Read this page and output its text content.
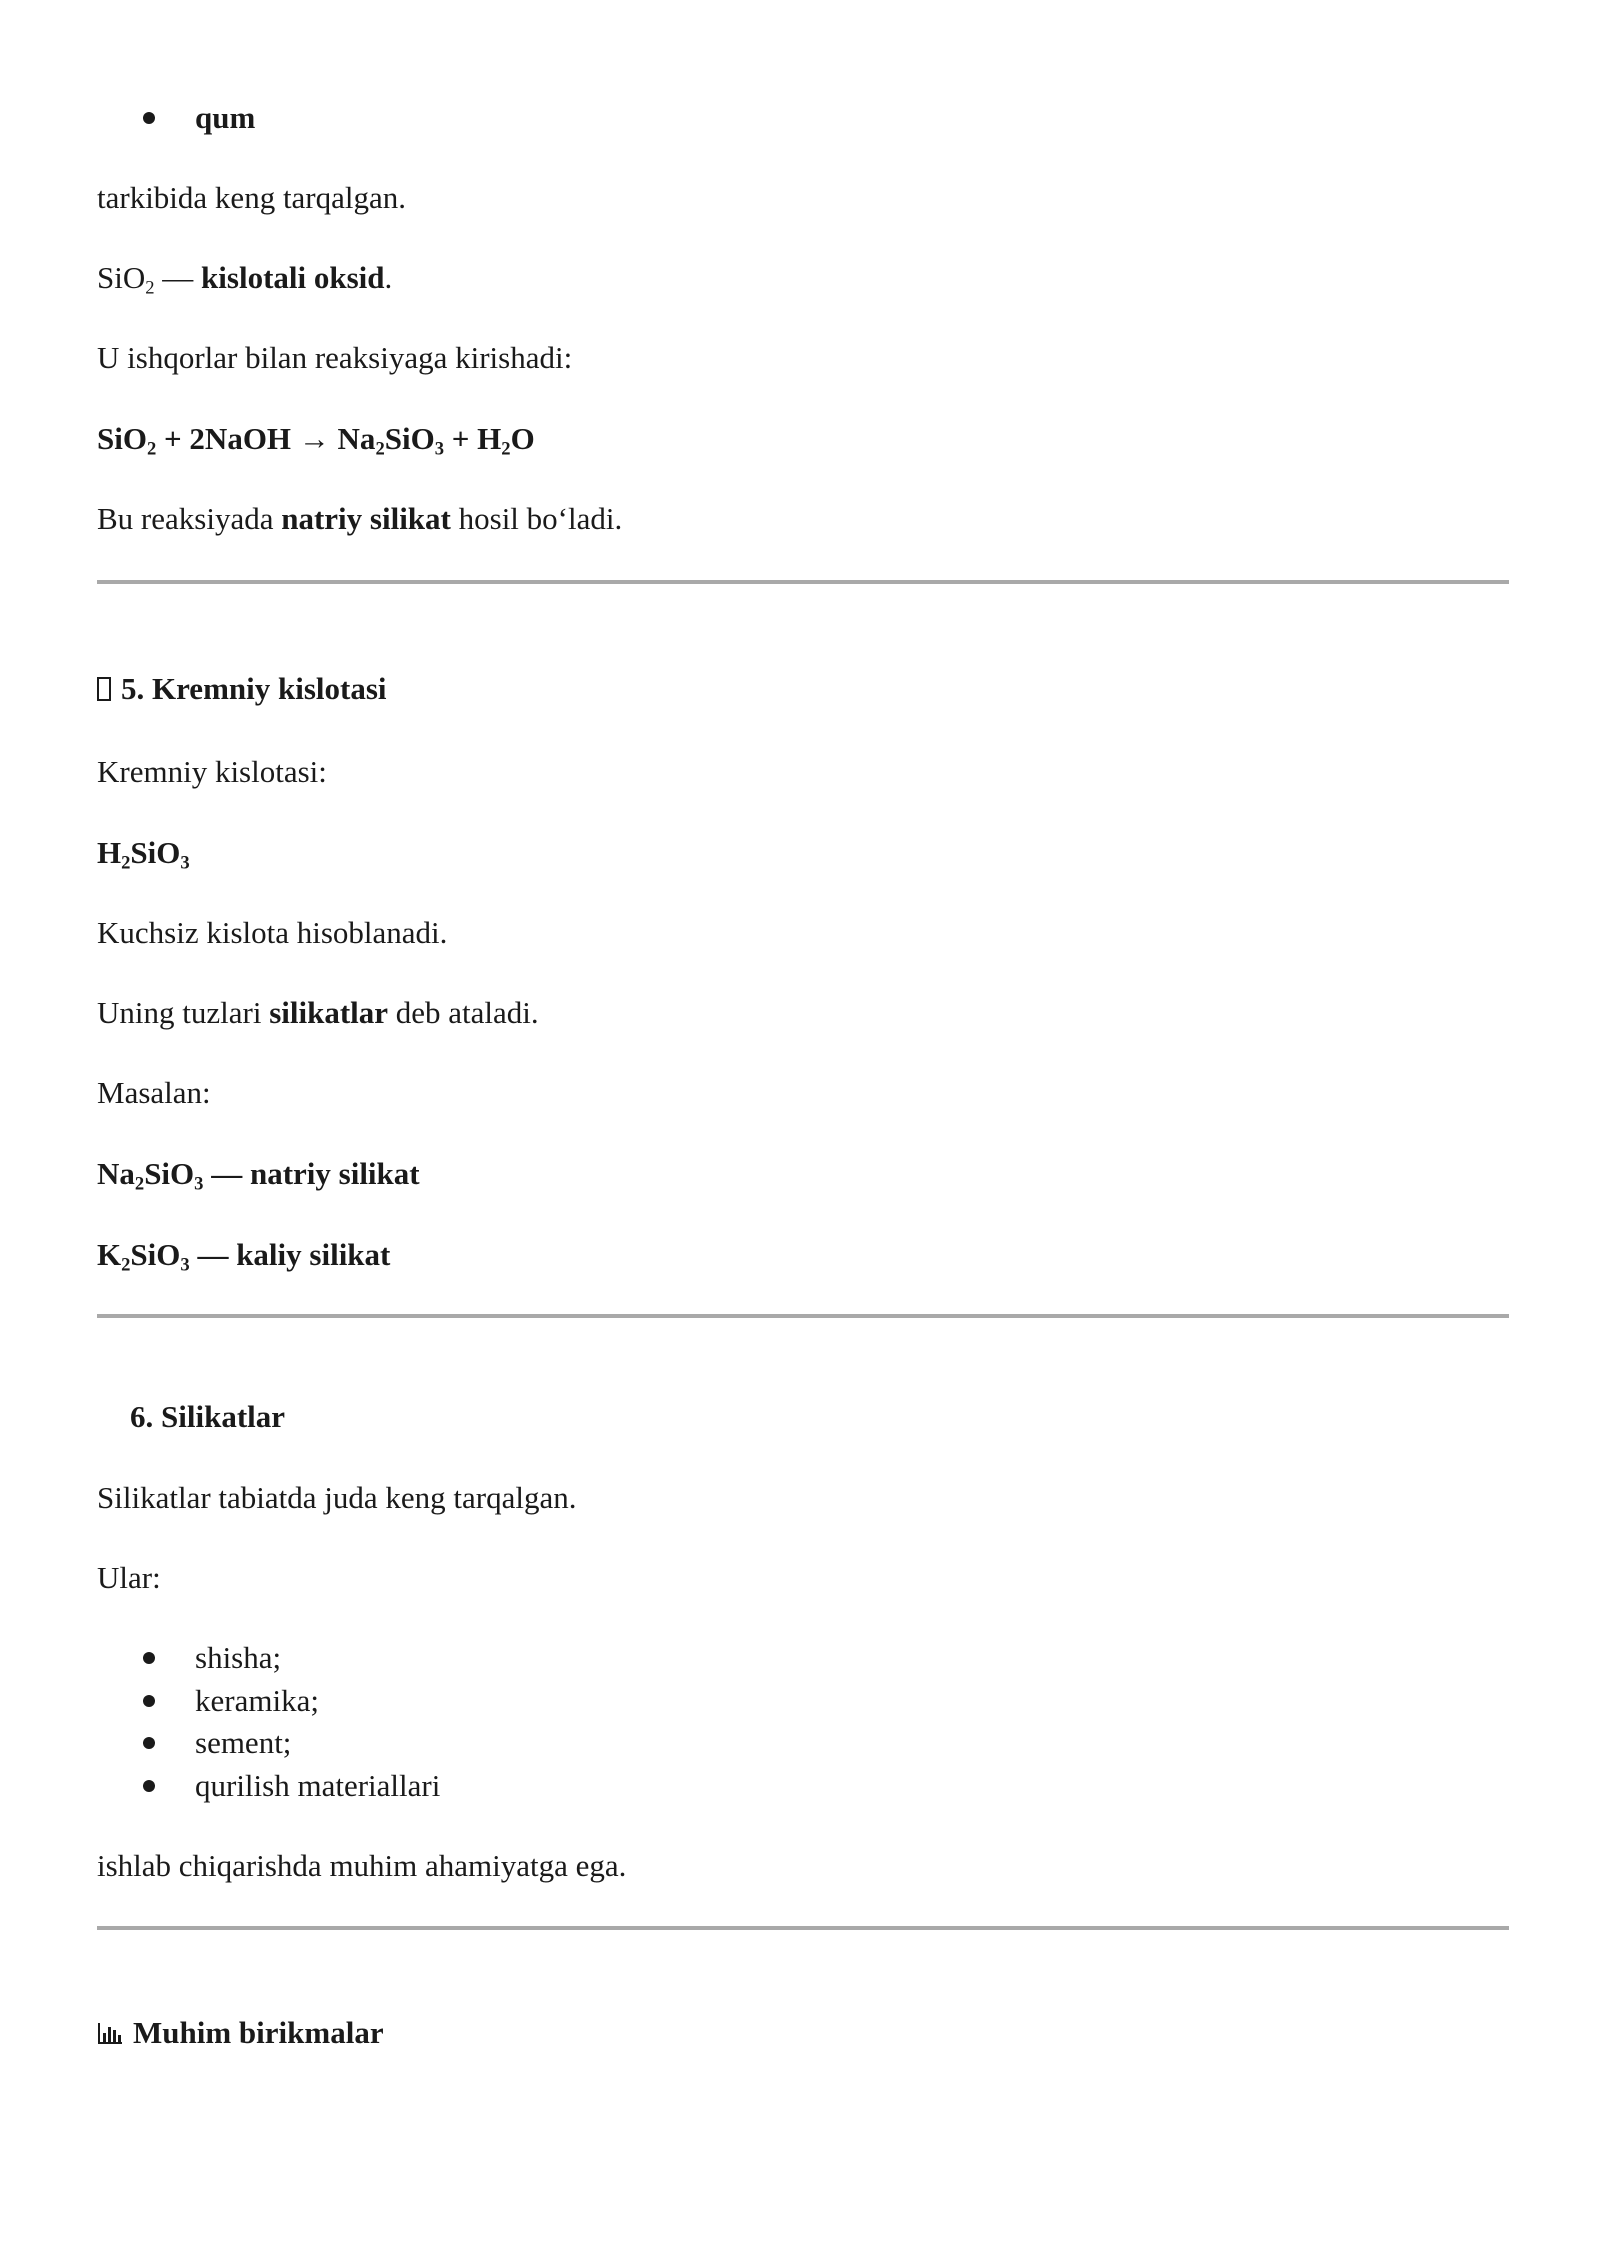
qum
tarkibida keng tarqalgan.
SiO$_2$ — kislotali oksid.
U ishqorlar bilan reaksiyaga kirishadi:
SiO$_2$ + 2NaOH → $Na_2SiO_3 + H_2O$
Bu reaksiyada natriy silikat hosil bo‘ladi.
5. Kremniy kislotasi
Kremniy kislotasi:
$H_2SiO_3$
Kuchsiz kislota hisoblanadi.
Uning tuzlari silikatlar deb ataladi.
Masalan:
$Na_2SiO_3$ — natriy silikat
$K_2SiO_3$ — kaliy silikat
6. Silikatlar
Silikatlar tabiatda juda keng tarqalgan.
Ular:
shisha;
keramika;
sement;
qurilish materiallari
ishlab chiqarishda muhim ahamiyatga ega.
Muhim birikmalar
